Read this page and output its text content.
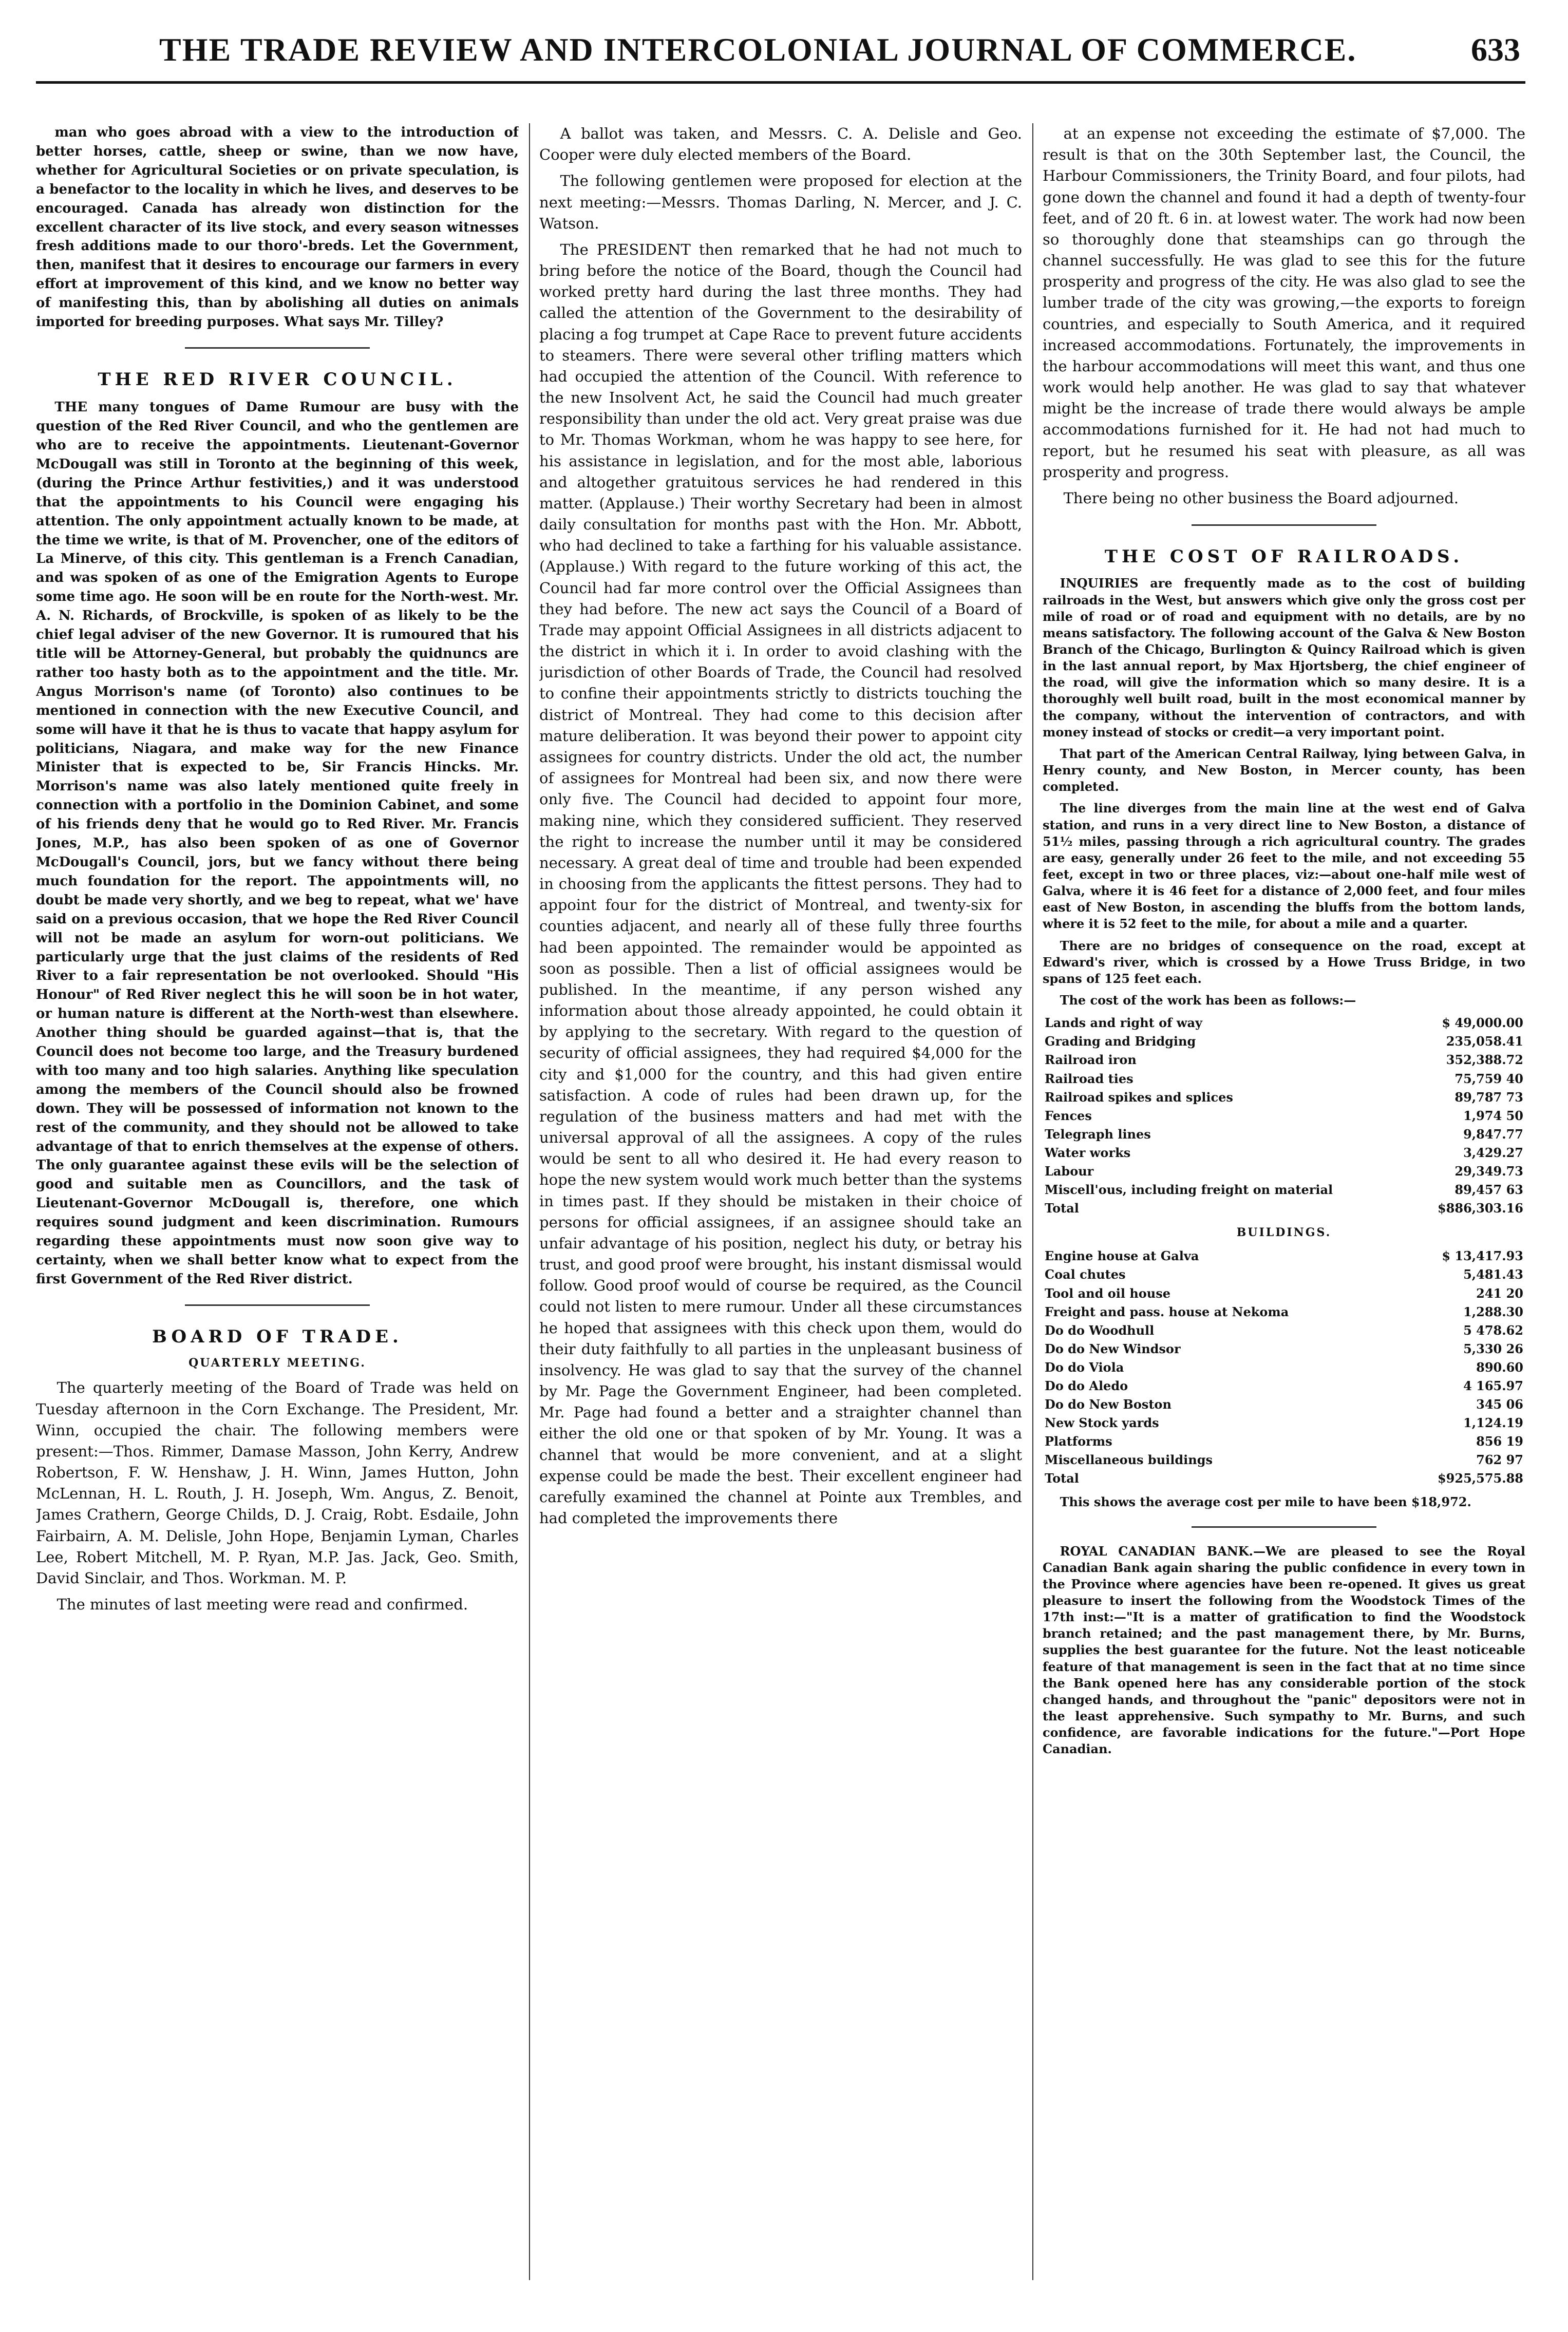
THE TRADE REVIEW AND INTERCOLONIAL JOURNAL OF COMMERCE.	633

man who goes abroad with a view to the introduction of better horses, cattle, sheep or swine, than we now have, whether for Agricultural Societies or on private speculation, is a benefactor to the locality in which he lives, and deserves to be encouraged. Canada has already won distinction for the excellent character of its live stock, and every season witnesses fresh additions made to our thoro'-breds. Let the Government, then, manifest that it desires to encourage our farmers in every effort at improvement of this kind, and we know no better way of manifesting this, than by abolishing all duties on animals imported for breeding purposes. What says Mr. Tilley?

THE RED RIVER COUNCIL.

THE many tongues of Dame Rumour are busy with the question of the Red River Council, and who the gentlemen are who are to receive the appointments. Lieutenant-Governor McDougall was still in Toronto at the beginning of this week, (during the Prince Arthur festivities,) and it was understood that the appointments to his Council were engaging his attention. The only appointment actually known to be made, at the time we write, is that of M. Provencher, one of the editors of La Minerve, of this city. This gentleman is a French Canadian, and was spoken of as one of the Emigration Agents to Europe some time ago. He soon will be en route for the North-west. Mr. A. N. Richards, of Brockville, is spoken of as likely to be the chief legal adviser of the new Governor. It is rumoured that his title will be Attorney-General, but probably the quidnuncs are rather too hasty both as to the appointment and the title. Mr. Angus Morrison's name (of Toronto) also continues to be mentioned in connection with the new Executive Council, and some will have it that he is thus to vacate that happy asylum for politicians, Niagara, and make way for the new Finance Minister that is expected to be, Sir Francis Hincks. Mr. Morrison's name was also lately mentioned quite freely in connection with a portfolio in the Dominion Cabinet, and some of his friends deny that he would go to Red River. Mr. Francis Jones, M.P., has also been spoken of as one of Governor McDougall's Council, jors, but we fancy without there being much foundation for the report. The appointments will, no doubt be made very shortly, and we beg to repeat, what we' have said on a previous occasion, that we hope the Red River Council will not be made an asylum for worn-out politicians. We particularly urge that the just claims of the residents of Red River to a fair representation be not overlooked. Should "His Honour" of Red River neglect this he will soon be in hot water, or human nature is different at the North-west than elsewhere. Another thing should be guarded against—that is, that the Council does not become too large, and the Treasury burdened with too many and too high salaries. Anything like speculation among the members of the Council should also be frowned down. They will be possessed of information not known to the rest of the community, and they should not be allowed to take advantage of that to enrich themselves at the expense of others. The only guarantee against these evils will be the selection of good and suitable men as Councillors, and the task of Lieutenant-Governor McDougall is, therefore, one which requires sound judgment and keen discrimination. Rumours regarding these appointments must now soon give way to certainty, when we shall better know what to expect from the first Government of the Red River district.

BOARD OF TRADE.
QUARTERLY MEETING.

The quarterly meeting of the Board of Trade was held on Tuesday afternoon in the Corn Exchange. The President, Mr. Winn, occupied the chair. The following members were present:—Thos. Rimmer, Damase Masson, John Kerry, Andrew Robertson, F. W. Henshaw, J. H. Winn, James Hutton, John McLennan, H. L. Routh, J. H. Joseph, Wm. Angus, Z. Benoit, James Crathern, George Childs, D. J. Craig, Robt. Esdaile, John Fairbairn, A. M. Delisle, John Hope, Benjamin Lyman, Charles Lee, Robert Mitchell, M. P. Ryan, M.P. Jas. Jack, Geo. Smith, David Sinclair, and Thos. Workman. M. P.

The minutes of last meeting were read and confirmed.

A ballot was taken, and Messrs. C. A. Delisle and Geo. Cooper were duly elected members of the Board.

The following gentlemen were proposed for election at the next meeting:—Messrs. Thomas Darling, N. Mercer, and J. C. Watson.

The PRESIDENT then remarked that he had not much to bring before the notice of the Board, though the Council had worked pretty hard during the last three months. They had called the attention of the Government to the desirability of placing a fog trumpet at Cape Race to prevent future accidents to steamers. There were several other trifling matters which had occupied the attention of the Council. With reference to the new Insolvent Act, he said the Council had much greater responsibility than under the old act. Very great praise was due to Mr. Thomas Workman, whom he was happy to see here, for his assistance in legislation, and for the most able, laborious and altogether gratuitous services he had rendered in this matter. (Applause.) Their worthy Secretary had been in almost daily consultation for months past with the Hon. Mr. Abbott, who had declined to take a farthing for his valuable assistance. (Applause.) With regard to the future working of this act, the Council had far more control over the Official Assignees than they had before. The new act says the Council of a Board of Trade may appoint Official Assignees in all districts adjacent to the district in which it i. In order to avoid clashing with the jurisdiction of other Boards of Trade, the Council had resolved to confine their appointments strictly to districts touching the district of Montreal. They had come to this decision after mature deliberation. It was beyond their power to appoint city assignees for country districts. Under the old act, the number of assignees for Montreal had been six, and now there were only five. The Council had decided to appoint four more, making nine, which they considered sufficient. They reserved the right to increase the number until it may be considered necessary. A great deal of time and trouble had been expended in choosing from the applicants the fittest persons. They had to appoint four for the district of Montreal, and twenty-six for counties adjacent, and nearly all of these fully three fourths had been appointed. The remainder would be appointed as soon as possible. Then a list of official assignees would be published. In the meantime, if any person wished any information about those already appointed, he could obtain it by applying to the secretary. With regard to the question of security of official assignees, they had required $4,000 for the city and $1,000 for the country, and this had given entire satisfaction. A code of rules had been drawn up, for the regulation of the business matters and had met with the universal approval of all the assignees. A copy of the rules would be sent to all who desired it. He had every reason to hope the new system would work much better than the systems in times past. If they should be mistaken in their choice of persons for official assignees, if an assignee should take an unfair advantage of his position, neglect his duty, or betray his trust, and good proof were brought, his instant dismissal would follow. Good proof would of course be required, as the Council could not listen to mere rumour. Under all these circumstances he hoped that assignees with this check upon them, would do their duty faithfully to all parties in the unpleasant business of insolvency. He was glad to say that the survey of the channel by Mr. Page the Government Engineer, had been completed. Mr. Page had found a better and a straighter channel than either the old one or that spoken of by Mr. Young. It was a channel that would be more convenient, and at a slight expense could be made the best. Their excellent engineer had carefully examined the channel at Pointe aux Trembles, and had completed the improvements there

at an expense not exceeding the estimate of $7,000. The result is that on the 30th September last, the Council, the Harbour Commissioners, the Trinity Board, and four pilots, had gone down the channel and found it had a depth of twenty-four feet, and of 20 ft. 6 in. at lowest water. The work had now been so thoroughly done that steamships can go through the channel successfully. He was glad to see this for the future prosperity and progress of the city. He was also glad to see the lumber trade of the city was growing,—the exports to foreign countries, and especially to South America, and it required increased accommodations. Fortunately, the improvements in the harbour accommodations will meet this want, and thus one work would help another. He was glad to say that whatever might be the increase of trade there would always be ample accommodations furnished for it. He had not had much to report, but he resumed his seat with pleasure, as all was prosperity and progress.

There being no other business the Board adjourned.

THE COST OF RAILROADS.

INQUIRIES are frequently made as to the cost of building railroads in the West, but answers which give only the gross cost per mile of road or of road and equipment with no details, are by no means satisfactory. The following account of the Galva & New Boston Branch of the Chicago, Burlington & Quincy Railroad which is given in the last annual report, by Max Hjortsberg, the chief engineer of the road, will give the information which so many desire. It is a thoroughly well built road, built in the most economical manner by the company, without the intervention of contractors, and with money instead of stocks or credit—a very important point.

That part of the American Central Railway, lying between Galva, in Henry county, and New Boston, in Mercer county, has been completed.

The line diverges from the main line at the west end of Galva station, and runs in a very direct line to New Boston, a distance of 51½ miles, passing through a rich agricultural country. The grades are easy, generally under 26 feet to the mile, and not exceeding 55 feet, except in two or three places, viz:—about one-half mile west of Galva, where it is 46 feet for a distance of 2,000 feet, and four miles east of New Boston, in ascending the bluffs from the bottom lands, where it is 52 feet to the mile, for about a mile and a quarter.

There are no bridges of consequence on the road, except at Edward's river, which is crossed by a Howe Truss Bridge, in two spans of 125 feet each.

The cost of the work has been as follows:—

Lands and right of way	$ 49,000.00
Grading and Bridging	235,058.41
Railroad iron	352,388.72
Railroad ties	75,759 40
Railroad spikes and splices	89,787 73
Fences	1,974 50
Telegraph lines	9,847.77
Water works	3,429.27
Labour	29,349.73
Miscell'ous, including freight on material	89,457 63
Total	$886,303.16
BUILDINGS.
Engine house at Galva	$ 13,417.93
Coal chutes	5,481.43
Tool and oil house	241 20
Freight and pass. house at Nekoma	1,288.30
Do do Woodhull	5 478.62
Do do New Windsor	5,330 26
Do do Viola	890.60
Do do Aledo	4 165.97
Do do New Boston	345 06
New Stock yards	1,124.19
Platforms	856 19
Miscellaneous buildings	762 97
Total	$925,575.88

This shows the average cost per mile to have been $18,972.

ROYAL CANADIAN BANK.—We are pleased to see the Royal Canadian Bank again sharing the public confidence in every town in the Province where agencies have been re-opened. It gives us great pleasure to insert the following from the Woodstock Times of the 17th inst:—"It is a matter of gratification to find the Woodstock branch retained; and the past management there, by Mr. Burns, supplies the best guarantee for the future. Not the least noticeable feature of that management is seen in the fact that at no time since the Bank opened here has any considerable portion of the stock changed hands, and throughout the "panic" depositors were not in the least apprehensive. Such sympathy to Mr. Burns, and such confidence, are favorable indications for the future."—Port Hope Canadian.
